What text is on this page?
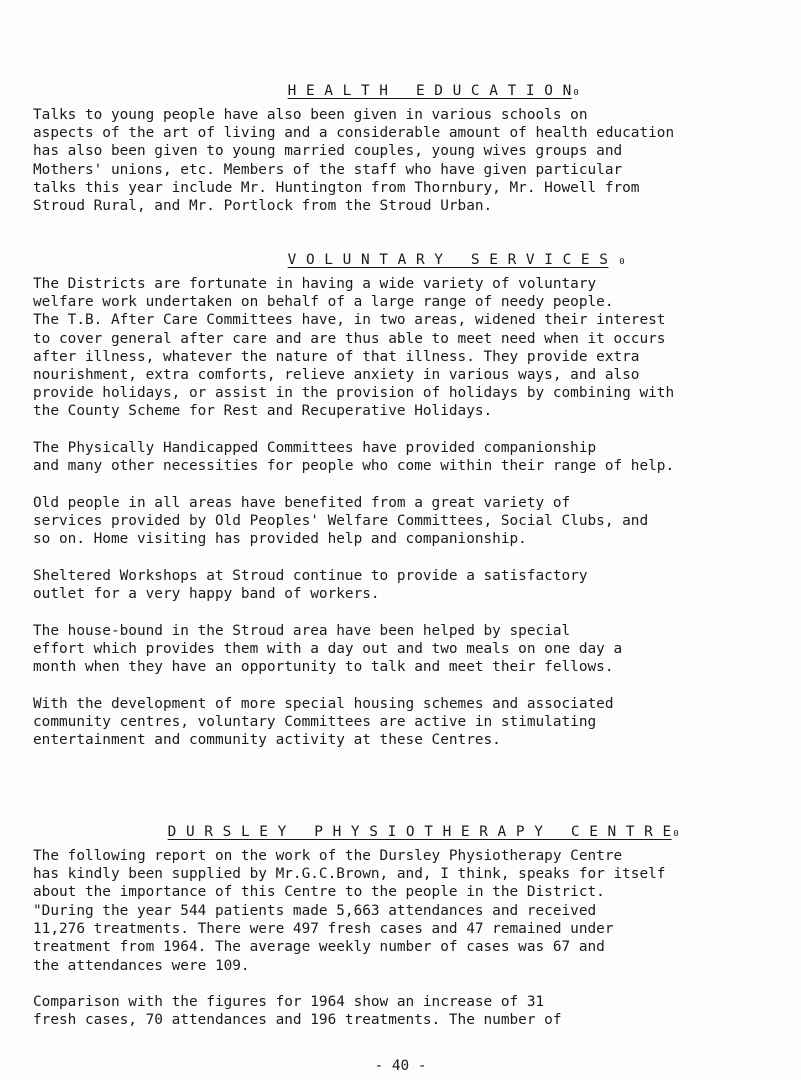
H E A L T H   E D U C A T I O N₀

Talks to young people have also been given in various schools on
aspects of the art of living and a considerable amount of health education
has also been given to young married couples, young wives groups and
Mothers' unions, etc. Members of the staff who have given particular
talks this year include Mr. Huntington from Thornbury, Mr. Howell from
Stroud Rural, and Mr. Portlock from the Stroud Urban.

V O L U N T A R Y   S E R V I C E S ₀

The Districts are fortunate in having a wide variety of voluntary
welfare work undertaken on behalf of a large range of needy people.
The T.B. After Care Committees have, in two areas, widened their interest
to cover general after care and are thus able to meet need when it occurs
after illness, whatever the nature of that illness. They provide extra
nourishment, extra comforts, relieve anxiety in various ways, and also
provide holidays, or assist in the provision of holidays by combining with
the County Scheme for Rest and Recuperative Holidays.
The Physically Handicapped Committees have provided companionship
and many other necessities for people who come within their range of help.
Old people in all areas have benefited from a great variety of
services provided by Old Peoples' Welfare Committees, Social Clubs, and
so on. Home visiting has provided help and companionship.
Sheltered Workshops at Stroud continue to provide a satisfactory
outlet for a very happy band of workers.
The house-bound in the Stroud area have been helped by special
effort which provides them with a day out and two meals on one day a
month when they have an opportunity to talk and meet their fellows.
With the development of more special housing schemes and associated
community centres, voluntary Committees are active in stimulating
entertainment and community activity at these Centres.

D U R S L E Y   P H Y S I O T H E R A P Y   C E N T R E₀

The following report on the work of the Dursley Physiotherapy Centre
has kindly been supplied by Mr.G.C.Brown, and, I think, speaks for itself
about the importance of this Centre to the people in the District.
"During the year 544 patients made 5,663 attendances and received
11,276 treatments. There were 497 fresh cases and 47 remained under
treatment from 1964. The average weekly number of cases was 67 and
the attendances were 109.
Comparison with the figures for 1964 show an increase of 31
fresh cases, 70 attendances and 196 treatments. The number of
- 40 -
